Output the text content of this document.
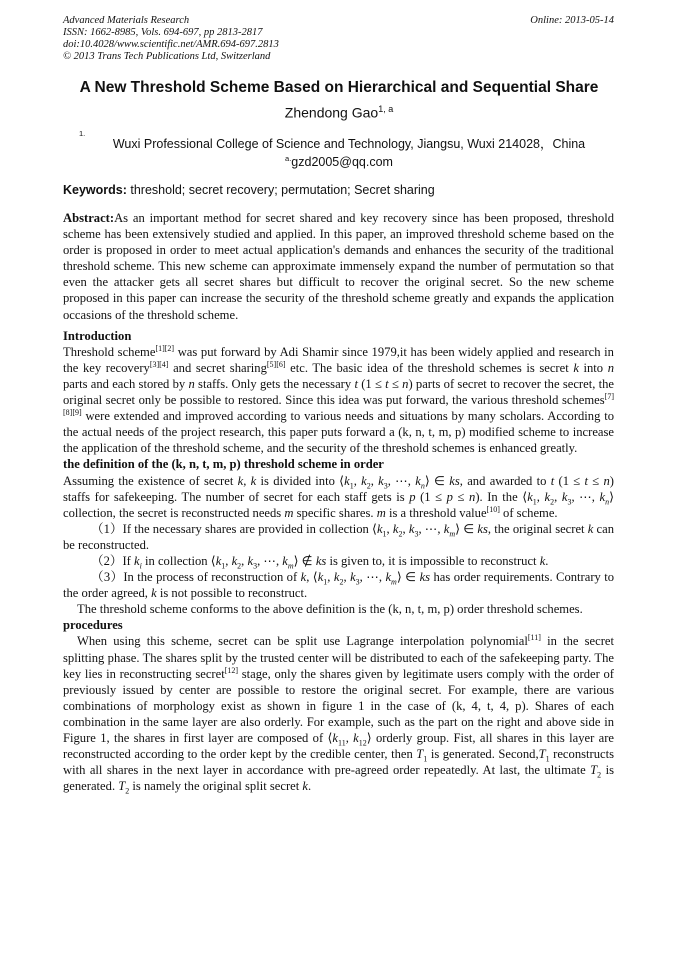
Advanced Materials Research
ISSN: 1662-8985, Vols. 694-697, pp 2813-2817
doi:10.4028/www.scientific.net/AMR.694-697.2813
© 2013 Trans Tech Publications Ltd, Switzerland
Online: 2013-05-14
A New Threshold Scheme Based on Hierarchical and Sequential Share
Zhendong Gao$^{1, a}$
1.
Wuxi Professional College of Science and Technology, Jiangsu, Wuxi 214028，China
$^{a.}$gzd2005@qq.com
Keywords: threshold; secret recovery; permutation; Secret sharing

Abstract:As an important method for secret shared and key recovery since has been proposed, threshold scheme has been extensively studied and applied. In this paper, an improved threshold scheme based on the order is proposed in order to meet actual application's demands and enhances the security of the traditional threshold scheme. This new scheme can approximate immensely expand the number of permutation so that even the attacker gets all secret shares but difficult to recover the original secret. So the new scheme proposed in this paper can increase the security of the threshold scheme greatly and expands the application occasions of the threshold scheme.

Introduction

Threshold scheme[1][2] was put forward by Adi Shamir since 1979,it has been widely applied and research in the key recovery[3][4] and secret sharing[5][6] etc. The basic idea of the threshold schemes is secret k into n parts and each stored by n staffs. Only gets the necessary t (1 ≤ t ≤ n) parts of secret to recover the secret, the original secret only be possible to restored. Since this idea was put forward, the various threshold schemes[7][8][9] were extended and improved according to various needs and situations by many scholars. According to the actual needs of the project research, this paper puts forward a (k, n, t, m, p) modified scheme to increase the application of the threshold scheme, and the security of the threshold schemes is enhanced greatly.

the definition of the (k, n, t, m, p) threshold scheme in order

Assuming the existence of secret k, k is divided into $⟨k_1$, $k_2$, $k_3$, ⋯, $k_n⟩$ ∈ ks, and awarded to t (1 ≤ t ≤ n) staffs for safekeeping. The number of secret for each staff gets is p (1 ≤ p ≤ n). In the $⟨k_1$, $k_2$, $k_3$, ⋯, $k_n⟩$ collection, the secret is reconstructed needs m specific shares. m is a threshold value[10] of scheme.

（1）If the necessary shares are provided in collection $⟨k_1$, $k_2$, $k_3$, ⋯, $k_m⟩$ ∈ ks, the original secret k can be reconstructed.

（2）If $k_i$ in collection $⟨k_1$, $k_2$, $k_3$, ⋯, $k_m⟩$ ∉ ks is given to, it is impossible to reconstruct k.

（3）In the process of reconstruction of k, $⟨k_1$, $k_2$, $k_3$, ⋯, $k_m⟩$ ∈ ks has order requirements. Contrary to the order agreed, k is not possible to reconstruct.

The threshold scheme conforms to the above definition is the (k, n, t, m, p) order threshold schemes.

procedures

When using this scheme, secret can be split use Lagrange interpolation polynomial[11] in the secret splitting phase. The shares split by the trusted center will be distributed to each of the safekeeping party. The key lies in reconstructing secret[12] stage, only the shares given by legitimate users comply with the order of previously issued by center are possible to restore the original secret. For example, there are various combinations of morphology exist as shown in figure 1 in the case of (k, 4, t, 4, p). Shares of each combination in the same layer are also orderly. For example, such as the part on the right and above side in Figure 1, the shares in first layer are composed of $⟨k_{11}$, $k_{12}⟩$ orderly group. Fist, all shares in this layer are reconstructed according to the order kept by the credible center, then $T_1$ is generated. $Second,T_1$ reconstructs with all shares in the next layer in accordance with pre-agreed order repeatedly. At last, the ultimate $T_2$ is generated. $T_2$ is namely the original split secret k.
